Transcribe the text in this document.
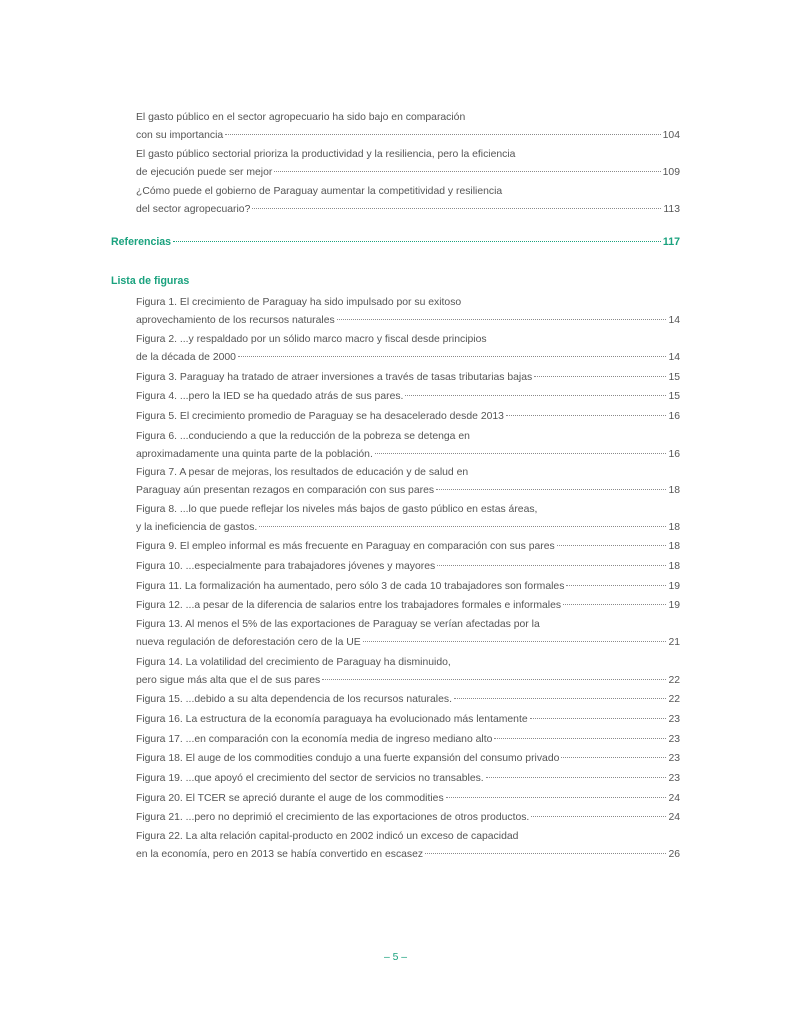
El gasto público en el sector agropecuario ha sido bajo en comparación
con su importancia	104
El gasto público sectorial prioriza la productividad y la resiliencia, pero la eficiencia
de ejecución puede ser mejor	109
¿Cómo puede el gobierno de Paraguay aumentar la competitividad y resiliencia
del sector agropecuario?	113
Referencias	117
Lista de figuras
Figura 1. El crecimiento de Paraguay ha sido impulsado por su exitoso
aprovechamiento de los recursos naturales	14
Figura 2. ...y respaldado por un sólido marco macro y fiscal desde principios
de la década de 2000	14
Figura 3. Paraguay ha tratado de atraer inversiones a través de tasas tributarias bajas	15
Figura 4. ...pero la IED se ha quedado atrás de sus pares.	15
Figura 5. El crecimiento promedio de Paraguay se ha desacelerado desde 2013	16
Figura 6. ...conduciendo a que la reducción de la pobreza se detenga en
aproximadamente una quinta parte de la población.	16
Figura 7. A pesar de mejoras, los resultados de educación y de salud en
Paraguay aún presentan rezagos en comparación con sus pares	18
Figura 8. ...lo que puede reflejar los niveles más bajos de gasto público en estas áreas,
y la ineficiencia de gastos.	18
Figura 9. El empleo informal es más frecuente en Paraguay en comparación con sus pares	18
Figura 10. ...especialmente para trabajadores jóvenes y mayores	18
Figura 11. La formalización ha aumentado, pero sólo 3 de cada 10 trabajadores son formales	19
Figura 12. ...a pesar de la diferencia de salarios entre los trabajadores formales e informales	19
Figura 13. Al menos el 5% de las exportaciones de Paraguay se verían afectadas por la
nueva regulación de deforestación cero de la UE	21
Figura 14. La volatilidad del crecimiento de Paraguay ha disminuido,
pero sigue más alta que el de sus pares	22
Figura 15. ...debido a su alta dependencia de los recursos naturales.	22
Figura 16. La estructura de la economía paraguaya ha evolucionado más lentamente	23
Figura 17. ...en comparación con la economía media de ingreso mediano alto	23
Figura 18. El auge de los commodities condujo a una fuerte expansión del consumo privado	23
Figura 19. ...que apoyó el crecimiento del sector de servicios no transables.	23
Figura 20. El TCER se apreció durante el auge de los commodities	24
Figura 21. ...pero no deprimió el crecimiento de las exportaciones de otros productos.	24
Figura 22. La alta relación capital-producto en 2002 indicó un exceso de capacidad
en la economía, pero en 2013 se había convertido en escasez	26
– 5 –
